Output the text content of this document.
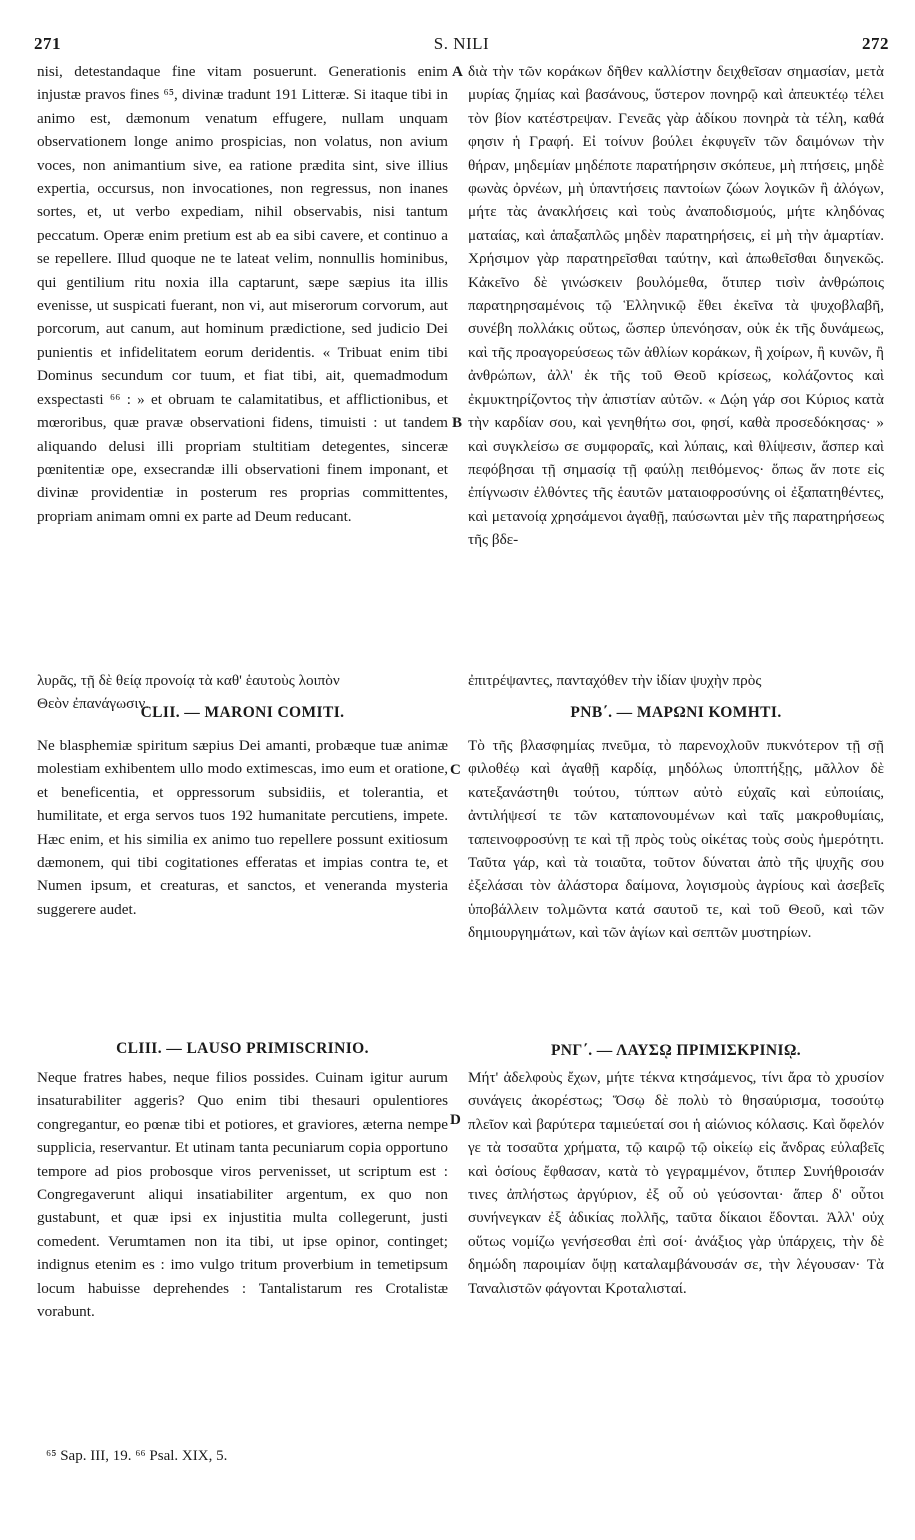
271	S. NILI	272
A
B
C
D

nisi, detestandaque fine vitam posuerunt. Generationis enim injustæ pravos fines ⁶⁵, divinæ tradunt 191 Litteræ. Si itaque tibi in animo est, dæmonum venatum effugere, nullam unquam observationem longe animo prospicias, non volatus, non avium voces, non animantium sive, ea ratione prædita sint, sive illius expertia, occursus, non invocationes, non regressus, non inanes sortes, et, ut verbo expediam, nihil observabis, nisi tantum peccatum. Operæ enim pretium est ab ea sibi cavere, et continuo a se repellere. Illud quoque ne te lateat velim, nonnullis hominibus, qui gentilium ritu noxia illa captarunt, sæpe sæpius ita illis evenisse, ut suspicati fuerant, non vi, aut miserorum corvorum, aut porcorum, aut canum, aut hominum prædictione, sed judicio Dei punientis et infidelitatem eorum deridentis. « Tribuat enim tibi Dominus secundum cor tuum, et fiat tibi, ait, quemadmodum exspectasti ⁶⁶ : » et obruam te calamitatibus, et afflictionibus, et mœroribus, quæ pravæ observationi fidens, timuisti : ut tandem aliquando delusi illi propriam stultitiam detegentes, sinceræ pœnitentiæ ope, exsecrandæ illi observationi finem imponant, et divinæ providentiæ in posterum res proprias committentes, propriam animam omni ex parte ad Deum reducant.

διὰ τὴν τῶν κοράκων δῆθεν καλλίστην δειχθεῖσαν σημασίαν, μετὰ μυρίας ζημίας καὶ βασάνους, ὕστερον πονηρῷ καὶ ἀπευκτέῳ τέλει τὸν βίον κατέστρεψαν. Γενεᾶς γὰρ ἀδίκου πονηρὰ τὰ τέλη, καθά φησιν ἡ Γραφή. Εἰ τοίνυν βούλει ἐκφυγεῖν τῶν δαιμόνων τὴν θήραν, μηδεμίαν μηδέποτε παρατήρησιν σκόπευε, μὴ πτήσεις, μηδὲ φωνὰς ὀρνέων, μὴ ὑπαντήσεις παντοίων ζώων λογικῶν ἢ ἀλόγων, μήτε τὰς ἀνακλήσεις καὶ τοὺς ἀναποδισμούς, μήτε κληδόνας ματαίας, καὶ ἁπαξαπλῶς μηδὲν παρατηρήσεις, εἰ μὴ τὴν ἁμαρτίαν. Χρήσιμον γὰρ παρατηρεῖσθαι ταύτην, καὶ ἀπωθεῖσθαι διηνεκῶς. Κἀκεῖνο δὲ γινώσκειν βουλόμεθα, ὅτιπερ τισὶν ἀνθρώποις παρατηρησαμένοις τῷ Ἑλληνικῷ ἔθει ἐκεῖνα τὰ ψυχοβλαβῆ, συνέβη πολλάκις οὕτως, ὥσπερ ὑπενόησαν, οὐκ ἐκ τῆς δυνάμεως, καὶ τῆς προαγορεύσεως τῶν ἀθλίων κοράκων, ἢ χοίρων, ἢ κυνῶν, ἢ ἀνθρώπων, ἀλλ' ἐκ τῆς τοῦ Θεοῦ κρίσεως, κολάζοντος καὶ ἐκμυκτηρίζοντος τὴν ἀπιστίαν αὐτῶν. « Δῴη γάρ σοι Κύριος κατὰ τὴν καρδίαν σου, καὶ γενηθήτω σοι, φησί, καθὰ προσεδόκησας· » καὶ συγκλείσω σε συμφοραῖς, καὶ λύπαις, καὶ θλίψεσιν, ἅσπερ καὶ πεφόβησαι τῇ σημασίᾳ τῇ φαύλῃ πειθόμενος· ὅπως ἄν ποτε εἰς ἐπίγνωσιν ἐλθόντες τῆς ἑαυτῶν ματαιοφροσύνης οἱ ἐξαπατηθέντες, καὶ μετανοίᾳ χρησάμενοι ἀγαθῇ, παύσωνται μὲν τῆς παρατηρήσεως τῆς βδε-

λυρᾶς, τῇ δὲ θείᾳ προνοίᾳ τὰ καθ' ἑαυτοὺς λοιπὸν	ἐπιτρέψαντες, πανταχόθεν τὴν ἰδίαν ψυχὴν πρὸς
Θεὸν ἐπανάγωσιν.
CLII. — MARONI COMITI.	ΡΝΒ΄. — ΜΑΡΩΝΙ ΚΟΜΗΤΙ.

Ne blasphemiæ spiritum sæpius Dei amanti, probæque tuæ animæ molestiam exhibentem ullo modo extimescas, imo eum et oratione, et beneficentia, et oppressorum subsidiis, et tolerantia, et humilitate, et erga servos tuos 192 humanitate percutiens, impete. Hæc enim, et his similia ex animo tuo repellere possunt exitiosum dæmonem, qui tibi cogitationes efferatas et impias contra te, et Numen ipsum, et creaturas, et sanctos, et veneranda mysteria suggerere audet.

Τὸ τῆς βλασφημίας πνεῦμα, τὸ παρενοχλοῦν πυκνότερον τῇ σῇ φιλοθέῳ καὶ ἀγαθῇ καρδίᾳ, μηδόλως ὑποπτήξῃς, μᾶλλον δὲ κατεξανάστηθι τούτου, τύπτων αὐτὸ εὐχαῖς καὶ εὐποιίαις, ἀντιλήψεσί τε τῶν καταπονουμένων καὶ ταῖς μακροθυμίαις, ταπεινοφροσύνῃ τε καὶ τῇ πρὸς τοὺς οἰκέτας τοὺς σοὺς ἡμερότητι. Ταῦτα γάρ, καὶ τὰ τοιαῦτα, τοῦτον δύναται ἀπὸ τῆς ψυχῆς σου ἐξελάσαι τὸν ἀλάστορα δαίμονα, λογισμοὺς ἀγρίους καὶ ἀσεβεῖς ὑποβάλλειν τολμῶντα κατά σαυτοῦ τε, καὶ τοῦ Θεοῦ, καὶ τῶν δημιουργημάτων, καὶ τῶν ἁγίων καὶ σεπτῶν μυστηρίων.

CLIII. — LAUSO PRIMISCRINIO.	ΡΝΓ΄. — ΛΑΥΣῼ ΠΡΙΜΙΣΚΡΙΝΙῼ.

Neque fratres habes, neque filios possides. Cuinam igitur aurum insaturabiliter aggeris? Quo enim tibi thesauri opulentiores congregantur, eo pœnæ tibi et potiores, et graviores, æterna nempe supplicia, reservantur. Et utinam tanta pecuniarum copia opportuno tempore ad pios probosque viros pervenisset, ut scriptum est : Congregaverunt aliqui insatiabiliter argentum, ex quo non gustabunt, et quæ ipsi ex injustitia multa collegerunt, justi comedent. Verumtamen non ita tibi, ut ipse opinor, continget; indignus etenim es : imo vulgo tritum proverbium in temetipsum locum habuisse deprehendes : Tantalistarum res Crotalistæ vorabunt.

Μήτ' ἀδελφοὺς ἔχων, μήτε τέκνα κτησάμενος, τίνι ἄρα τὸ χρυσίον συνάγεις ἀκορέστως; Ὅσῳ δὲ πολὺ τὸ θησαύρισμα, τοσούτῳ πλεῖον καὶ βαρύτερα ταμιεύεταί σοι ἡ αἰώνιος κόλασις. Καὶ ὄφελόν γε τὰ τοσαῦτα χρήματα, τῷ καιρῷ τῷ οἰκείῳ εἰς ἄνδρας εὐλαβεῖς καὶ ὁσίους ἔφθασαν, κατὰ τὸ γεγραμμένον, ὅτιπερ Συνήθροισάν τινες ἀπλήστως ἀργύριον, ἐξ οὗ οὐ γεύσονται· ἅπερ δ' οὗτοι συνήνεγκαν ἐξ ἀδικίας πολλῆς, ταῦτα δίκαιοι ἔδονται. Ἀλλ' οὐχ οὕτως νομίζω γενήσεσθαι ἐπὶ σοί· ἀνάξιος γὰρ ὑπάρχεις, τὴν δὲ δημώδη παροιμίαν ὄψῃ καταλαμβάνουσάν σε, τὴν λέγουσαν· Τὰ Ταναλιστῶν φάγονται Κροταλισταί.

⁶⁵ Sap. III, 19. ⁶⁶ Psal. XIX, 5.
